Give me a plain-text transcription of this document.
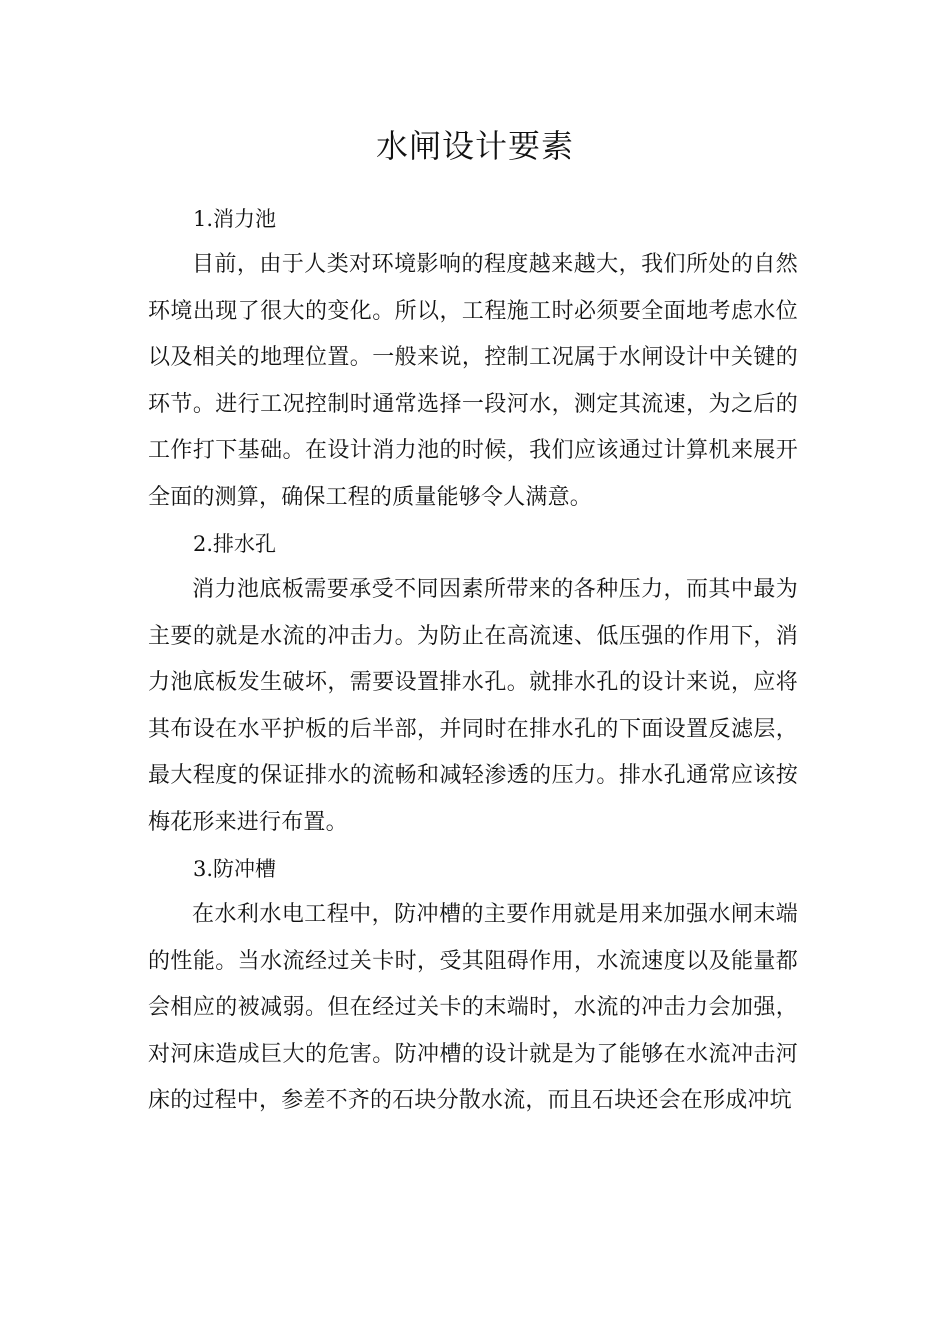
水闸设计要素

1.消力池

目前，由于人类对环境影响的程度越来越大，我们所处的自然环境出现了很大的变化。所以，工程施工时必须要全面地考虑水位以及相关的地理位置。一般来说，控制工况属于水闸设计中关键的环节。进行工况控制时通常选择一段河水，测定其流速，为之后的工作打下基础。在设计消力池的时候，我们应该通过计算机来展开全面的测算，确保工程的质量能够令人满意。

2.排水孔

消力池底板需要承受不同因素所带来的各种压力，而其中最为主要的就是水流的冲击力。为防止在高流速、低压强的作用下，消力池底板发生破坏，需要设置排水孔。就排水孔的设计来说，应将其布设在水平护板的后半部，并同时在排水孔的下面设置反滤层，最大程度的保证排水的流畅和减轻渗透的压力。排水孔通常应该按梅花形来进行布置。

3.防冲槽

在水利水电工程中，防冲槽的主要作用就是用来加强水闸末端的性能。当水流经过关卡时，受其阻碍作用，水流速度以及能量都会相应的被减弱。但在经过关卡的末端时，水流的冲击力会加强，对河床造成巨大的危害。防冲槽的设计就是为了能够在水流冲击河床的过程中，参差不齐的石块分散水流，而且石块还会在形成冲坑
